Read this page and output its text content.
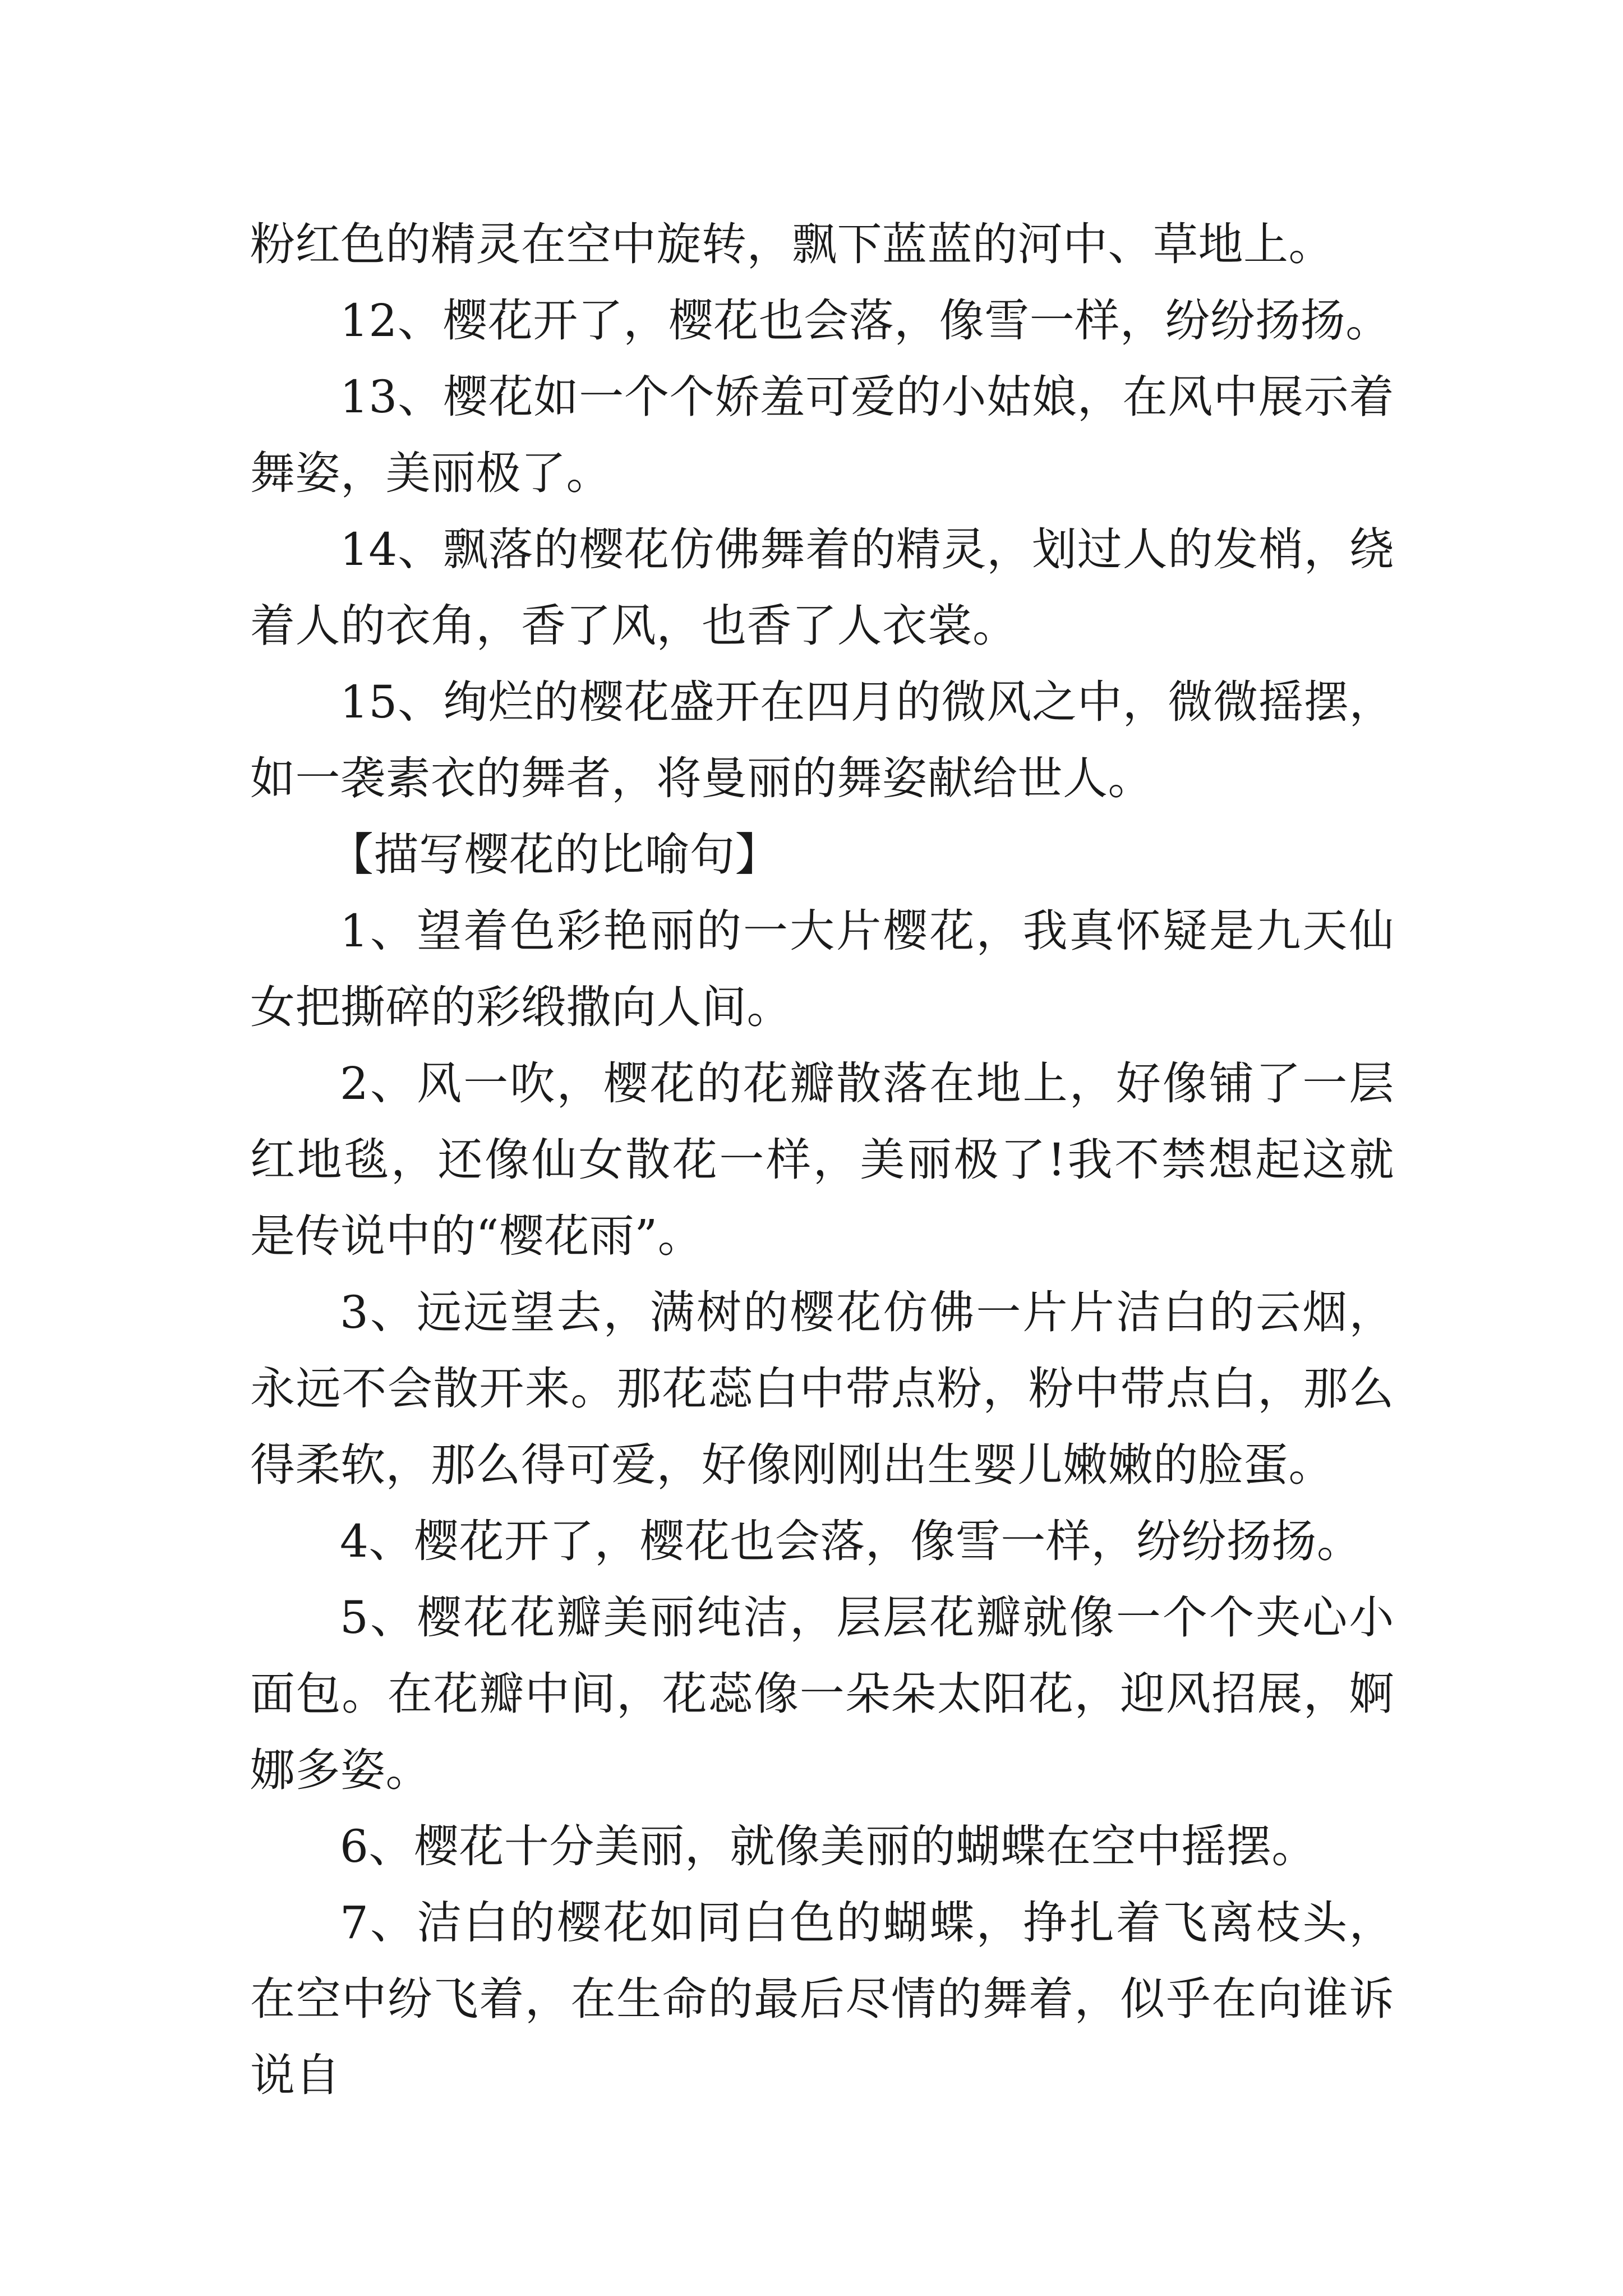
粉红色的精灵在空中旋转，飘下蓝蓝的河中、草地上。

12、樱花开了，樱花也会落，像雪一样，纷纷扬扬。

13、樱花如一个个娇羞可爱的小姑娘，在风中展示着舞姿，美丽极了。

14、飘落的樱花仿佛舞着的精灵，划过人的发梢，绕着人的衣角，香了风，也香了人衣裳。

15、绚烂的樱花盛开在四月的微风之中，微微摇摆，如一袭素衣的舞者，将曼丽的舞姿献给世人。

【描写樱花的比喻句】

1、望着色彩艳丽的一大片樱花，我真怀疑是九天仙女把撕碎的彩缎撒向人间。

2、风一吹，樱花的花瓣散落在地上，好像铺了一层红地毯，还像仙女散花一样，美丽极了!我不禁想起这就是传说中的“樱花雨”。

3、远远望去，满树的樱花仿佛一片片洁白的云烟，永远不会散开来。那花蕊白中带点粉，粉中带点白，那么得柔软，那么得可爱，好像刚刚出生婴儿嫩嫩的脸蛋。

4、樱花开了，樱花也会落，像雪一样，纷纷扬扬。

5、樱花花瓣美丽纯洁，层层花瓣就像一个个夹心小面包。在花瓣中间，花蕊像一朵朵太阳花，迎风招展，婀娜多姿。

6、樱花十分美丽，就像美丽的蝴蝶在空中摇摆。

7、洁白的樱花如同白色的蝴蝶，挣扎着飞离枝头，在空中纷飞着，在生命的最后尽情的舞着，似乎在向谁诉说自
